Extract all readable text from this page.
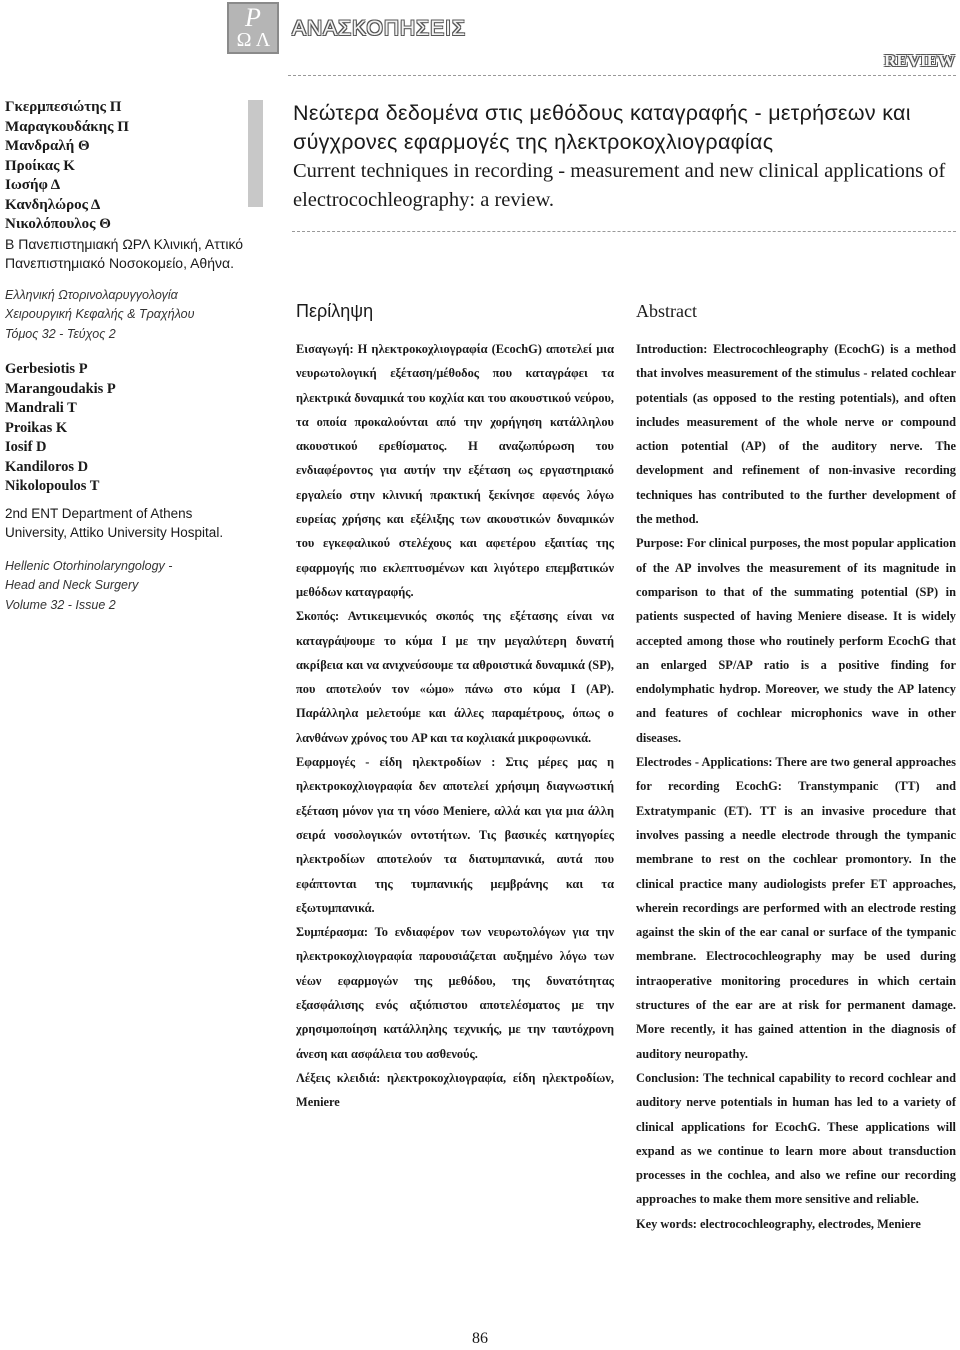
P
Ω Λ ΑΝΑΣΚΟΠΗΣΕΙΣ
REVIEW
Γκερμπεσιώτης Π
Μαραγκουδάκης Π
Μανδραλή Θ
Προίκας Κ
Ιωσήφ Δ
Κανδηλώρος Δ
Νικολόπουλος Θ
Β Πανεπιστημιακή ΩΡΛ Κλινική, Αττικό Πανεπιστημιακό Νοσοκομείο, Αθήνα.
Ελληνική Ωτορινολαρυγγολογία
Χειρουργική Κεφαλής & Τραχήλου
Τόμος 32 - Τεύχος 2
Gerbesiotis P
Marangoudakis P
Mandrali T
Proikas K
Iosif D
Kandiloros D
Nikolopoulos T
2nd ENT Department of Athens University, Attiko University Hospital.
Hellenic Otorhinolaryngology -
Head and Neck Surgery
Volume 32 - Issue 2
Νεώτερα δεδομένα στις μεθόδους καταγραφής - μετρήσεων και σύγχρονες εφαρμογές της ηλεκτροκοχλιογραφίας
Current techniques in recording - measurement and new clinical applications of electrocochleography: a review.
Περίληψη	Abstract

Εισαγωγή: Η ηλεκτροκοχλιογραφία (EcochG) αποτελεί μια νευρωτολογική εξέταση/μέθοδος που καταγράφει τα ηλεκτρικά δυναμικά του κοχλία και του ακουστικού νεύρου, τα οποία προκαλούνται από την χορήγηση κατάλληλου ακουστικού ερεθίσματος. Η αναζωπύρωση του ενδιαφέροντος για αυτήν την εξέταση ως εργαστηριακό εργαλείο στην κλινική πρακτική ξεκίνησε αφενός λόγω ευρείας χρήσης και εξέλιξης των ακουστικών δυναμικών του εγκεφαλικού στελέχους και αφετέρου εξαιτίας της εφαρμογής πιο εκλεπτυσμένων και λιγότερο επεμβατικών μεθόδων καταγραφής.

Σκοπός: Αντικειμενικός σκοπός της εξέτασης είναι να καταγράψουμε το κύμα I με την μεγαλύτερη δυνατή ακρίβεια και να ανιχνεύσουμε τα αθροιστικά δυναμικά (SP), που αποτελούν τον «ώμο» πάνω στο κύμα I (AP). Παράλληλα μελετούμε και άλλες παραμέτρους, όπως ο λανθάνων χρόνος του AP και τα κοχλιακά μικροφωνικά.

Εφαρμογές - είδη ηλεκτροδίων : Στις μέρες μας η ηλεκτροκοχλιογραφία δεν αποτελεί χρήσιμη διαγνωστική εξέταση μόνον για τη νόσο Meniere, αλλά και για μια άλλη σειρά νοσολογικών οντοτήτων. Τις βασικές κατηγορίες ηλεκτροδίων αποτελούν τα διατυμπανικά, αυτά που εφάπτονται της τυμπανικής μεμβράνης και τα εξωτυμπανικά.

Συμπέρασμα: Το ενδιαφέρον των νευρωτολόγων για την ηλεκτροκοχλιογραφία παρουσιάζεται αυξημένο λόγω των νέων εφαρμογών της μεθόδου, της δυνατότητας εξασφάλισης ενός αξιόπιστου αποτελέσματος με την χρησιμοποίηση κατάλληλης τεχνικής, με την ταυτόχρονη άνεση και ασφάλεια του ασθενούς.

Λέξεις κλειδιά: ηλεκτροκοχλιογραφία, είδη ηλεκτροδίων, Meniere

Introduction: Electrocochleography (EcochG) is a method that involves measurement of the stimulus - related cochlear potentials (as opposed to the resting potentials), and often includes measurement of the whole nerve or compound action potential (AP) of the auditory nerve. The development and refinement of non-invasive recording techniques has contributed to the further development of the method.

Purpose: For clinical purposes, the most popular application of the AP involves the measurement of its magnitude in comparison to that of the summating potential (SP) in patients suspected of having Meniere disease. It is widely accepted among those who routinely perform EcochG that an enlarged SP/AP ratio is a positive finding for endolymphatic hydrop. Moreover, we study the AP latency and features of cochlear microphonics wave in other diseases.

Electrodes - Applications: There are two general approaches for recording EcochG: Transtympanic (TT) and Extratympanic (ET). TT is an invasive procedure that involves passing a needle electrode through the tympanic membrane to rest on the cochlear promontory. In the clinical practice many audiologists prefer ET approaches, wherein recordings are performed with an electrode resting against the skin of the ear canal or surface of the tympanic membrane. Electrocochleography may be used during intraoperative monitoring procedures in which certain structures of the ear are at risk for permanent damage. More recently, it has gained attention in the diagnosis of auditory neuropathy.

Conclusion: The technical capability to record cochlear and auditory nerve potentials in human has led to a variety of clinical applications for EcochG. These applications will expand as we continue to learn more about transduction processes in the cochlea, and also we refine our recording approaches to make them more sensitive and reliable.

Key words: electrocochleography, electrodes, Meniere

86
